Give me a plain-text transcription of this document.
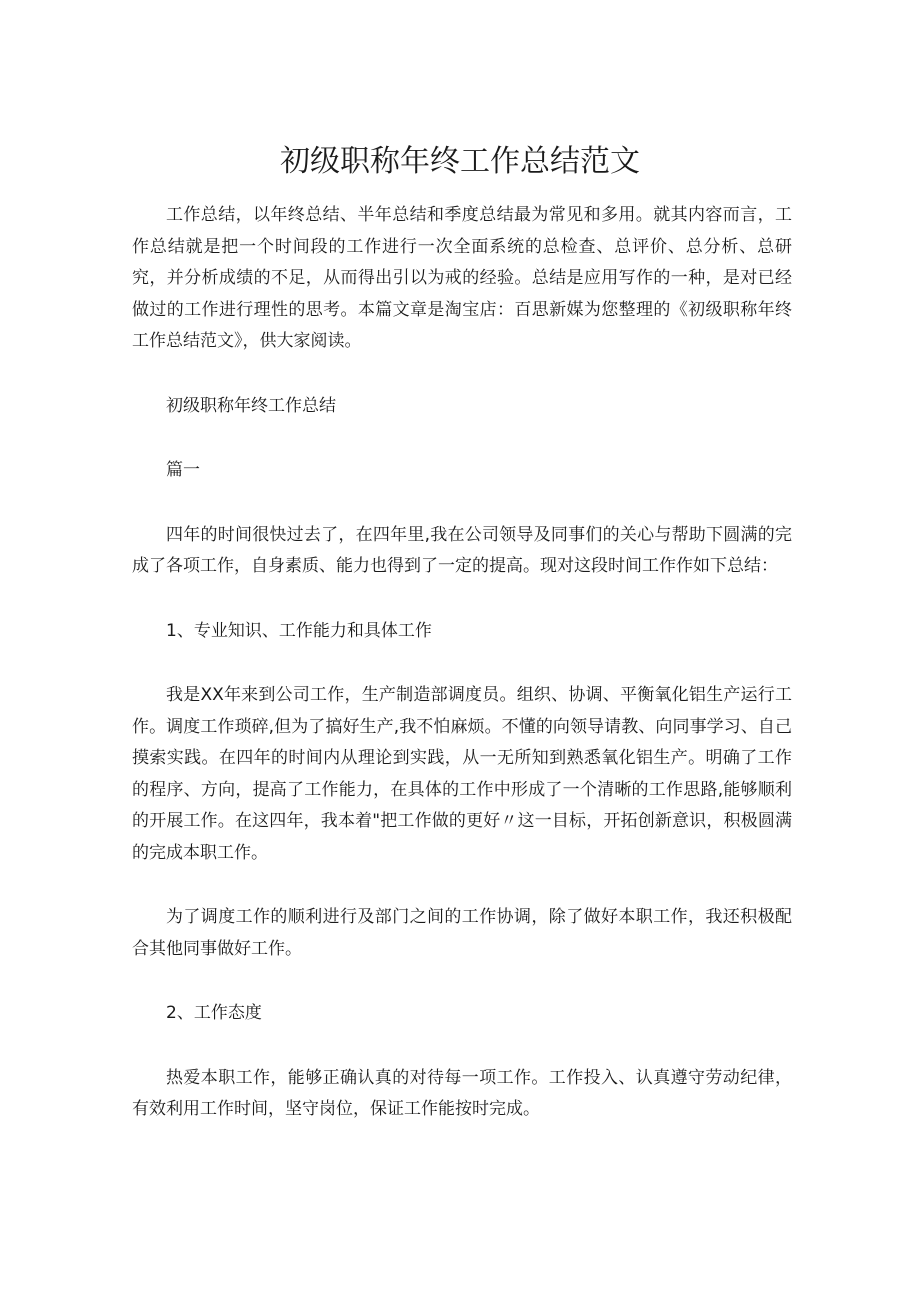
初级职称年终工作总结范文

工作总结，以年终总结、半年总结和季度总结最为常见和多用。就其内容而言，工作总结就是把一个时间段的工作进行一次全面系统的总检查、总评价、总分析、总研究，并分析成绩的不足，从而得出引以为戒的经验。总结是应用写作的一种，是对已经做过的工作进行理性的思考。本篇文章是淘宝店：百思新媒为您整理的《初级职称年终工作总结范文》，供大家阅读。

初级职称年终工作总结

篇一

四年的时间很快过去了，在四年里,我在公司领导及同事们的关心与帮助下圆满的完成了各项工作，自身素质、能力也得到了一定的提高。现对这段时间工作作如下总结：

1、专业知识、工作能力和具体工作

我是XX年来到公司工作，生产制造部调度员。组织、协调、平衡氧化铝生产运行工作。调度工作琐碎,但为了搞好生产,我不怕麻烦。不懂的向领导请教、向同事学习、自己摸索实践。在四年的时间内从理论到实践，从一无所知到熟悉氧化铝生产。明确了工作的程序、方向，提高了工作能力，在具体的工作中形成了一个清晰的工作思路,能够顺利的开展工作。在这四年，我本着"把工作做的更好〃这一目标，开拓创新意识，积极圆满的完成本职工作。

为了调度工作的顺利进行及部门之间的工作协调，除了做好本职工作，我还积极配合其他同事做好工作。

2、工作态度

热爱本职工作，能够正确认真的对待每一项工作。工作投入、认真遵守劳动纪律，有效利用工作时间，坚守岗位，保证工作能按时完成。
